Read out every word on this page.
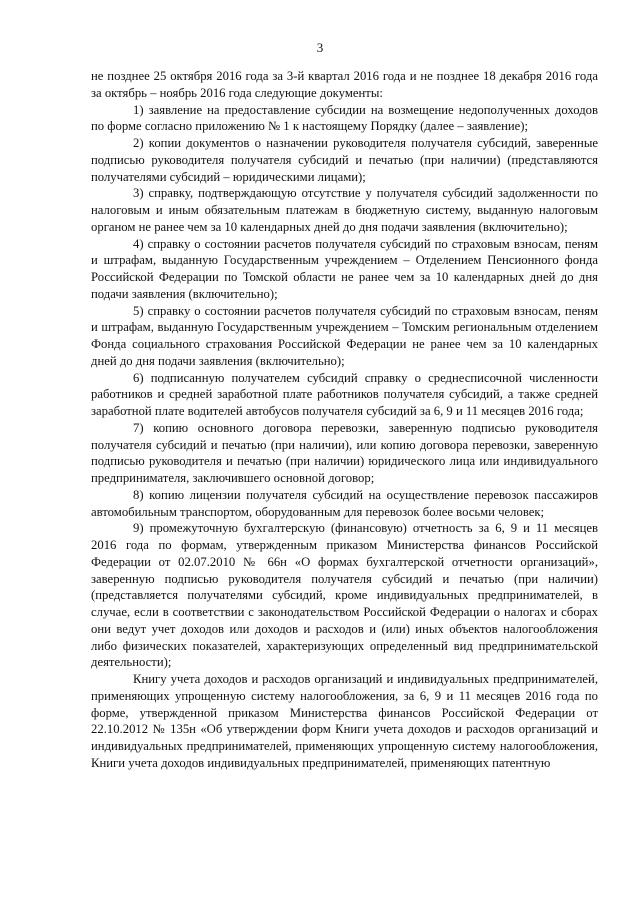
3

не позднее 25 октября 2016 года за 3-й квартал 2016 года и не позднее 18 декабря 2016 года за октябрь – ноябрь 2016 года следующие документы:

1) заявление на предоставление субсидии на возмещение недополученных доходов по форме согласно приложению № 1 к настоящему Порядку (далее – заявление);

2) копии документов о назначении руководителя получателя субсидий, заверенные подписью руководителя получателя субсидий и печатью (при наличии) (представляются получателями субсидий – юридическими лицами);

3) справку, подтверждающую отсутствие у получателя субсидий задолженности по налоговым и иным обязательным платежам в бюджетную систему, выданную налоговым органом не ранее чем за 10 календарных дней до дня подачи заявления (включительно);

4) справку о состоянии расчетов получателя субсидий по страховым взносам, пеням и штрафам, выданную Государственным учреждением – Отделением Пенсионного фонда Российской Федерации по Томской области не ранее чем за 10 календарных дней до дня подачи заявления (включительно);

5) справку о состоянии расчетов получателя субсидий по страховым взносам, пеням и штрафам, выданную Государственным учреждением – Томским региональным отделением Фонда социального страхования Российской Федерации не ранее чем за 10 календарных дней до дня подачи заявления (включительно);

6) подписанную получателем субсидий справку о среднесписочной численности работников и средней заработной плате работников получателя субсидий, а также средней заработной плате водителей автобусов получателя субсидий за 6, 9 и 11 месяцев 2016 года;

7) копию основного договора перевозки, заверенную подписью руководителя получателя субсидий и печатью (при наличии), или копию договора перевозки, заверенную подписью руководителя и печатью (при наличии) юридического лица или индивидуального предпринимателя, заключившего основной договор;

8) копию лицензии получателя субсидий на осуществление перевозок пассажиров автомобильным транспортом, оборудованным для перевозок более восьми человек;

9) промежуточную бухгалтерскую (финансовую) отчетность за 6, 9 и 11 месяцев 2016 года по формам, утвержденным приказом Министерства финансов Российской Федерации от 02.07.2010 № 66н «О формах бухгалтерской отчетности организаций», заверенную подписью руководителя получателя субсидий и печатью (при наличии) (представляется получателями субсидий, кроме индивидуальных предпринимателей, в случае, если в соответствии с законодательством Российской Федерации о налогах и сборах они ведут учет доходов или доходов и расходов и (или) иных объектов налогообложения либо физических показателей, характеризующих определенный вид предпринимательской деятельности);

Книгу учета доходов и расходов организаций и индивидуальных предпринимателей, применяющих упрощенную систему налогообложения, за 6, 9 и 11 месяцев 2016 года по форме, утвержденной приказом Министерства финансов Российской Федерации от 22.10.2012 № 135н «Об утверждении форм Книги учета доходов и расходов организаций и индивидуальных предпринимателей, применяющих упрощенную систему налогообложения, Книги учета доходов индивидуальных предпринимателей, применяющих патентную
